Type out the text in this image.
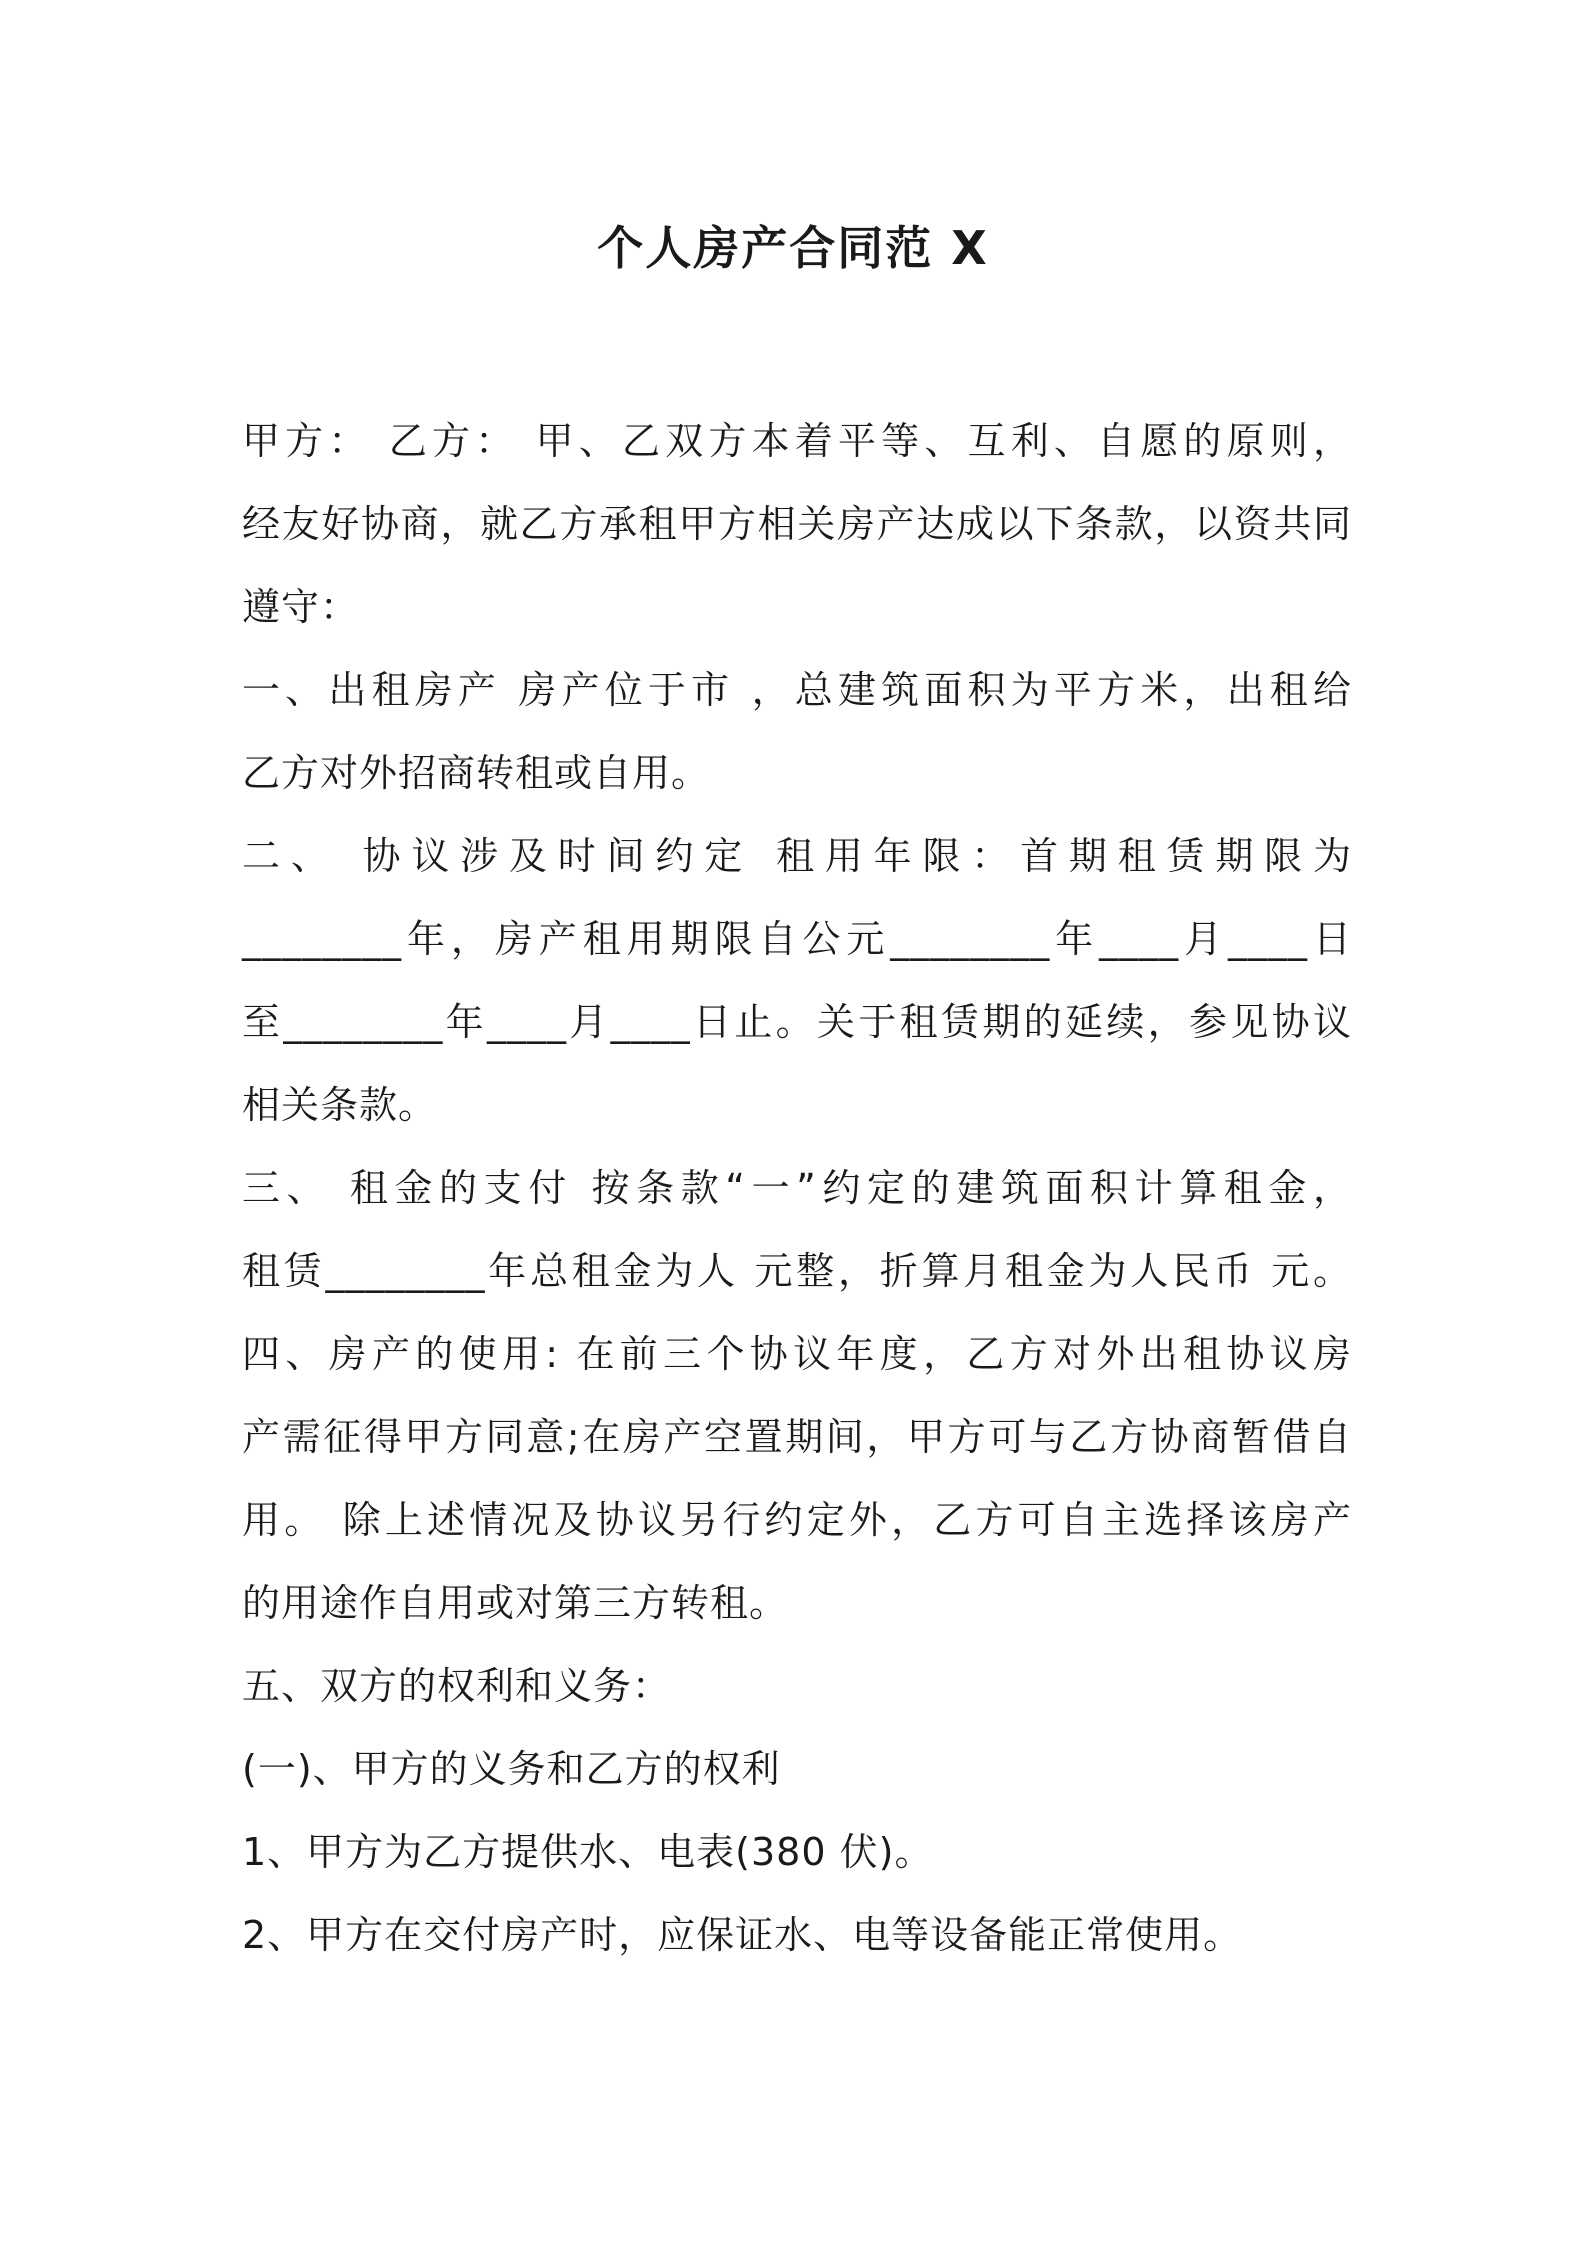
个人房产合同范 X
甲方： 乙方： 甲、乙双方本着平等、互利、自愿的原则，
经友好协商，就乙方承租甲方相关房产达成以下条款，以资共同
遵守：
一、出租房产 房产位于市 ，总建筑面积为平方米，出租给
乙方对外招商转租或自用。
二、 协议涉及时间约定 租用年限：首期租赁期限为
________年，房产租用期限自公元________年____月____日
至________年____月____日止。关于租赁期的延续，参见协议
相关条款。
三、 租金的支付 按条款“一”约定的建筑面积计算租金，
租赁________年总租金为人 元整，折算月租金为人民币 元。
四、房产的使用: 在前三个协议年度，乙方对外出租协议房
产需征得甲方同意;在房产空置期间，甲方可与乙方协商暂借自
用。 除上述情况及协议另行约定外，乙方可自主选择该房产
的用途作自用或对第三方转租。
五、双方的权利和义务：
(一)、甲方的义务和乙方的权利
1、甲方为乙方提供水、电表(380 伏)。
2、甲方在交付房产时，应保证水、电等设备能正常使用。
